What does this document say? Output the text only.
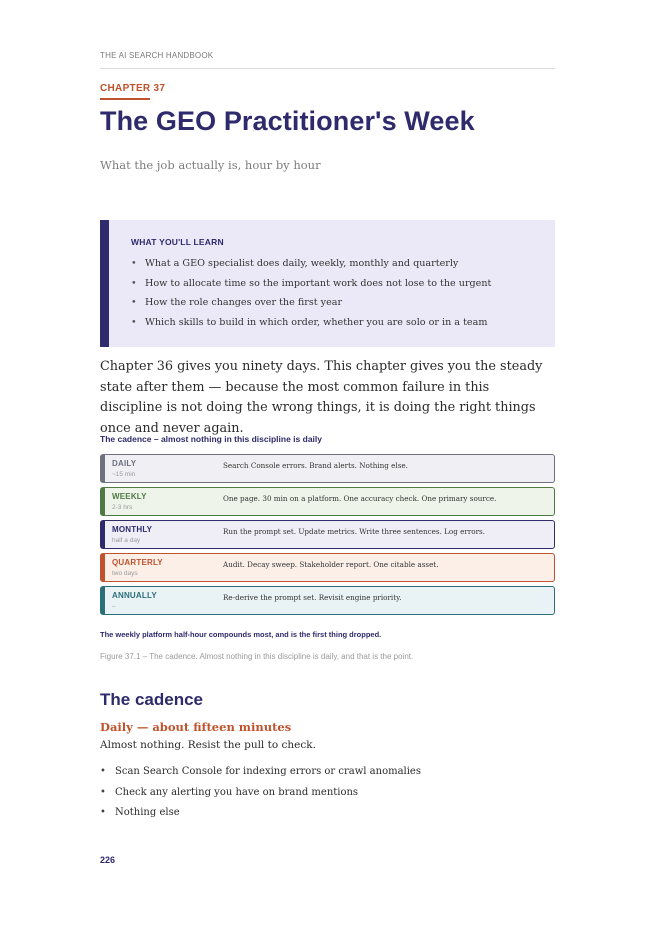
THE AI SEARCH HANDBOOK
CHAPTER 37
The GEO Practitioner's Week
What the job actually is, hour by hour
WHAT YOU'LL LEARN
• What a GEO specialist does daily, weekly, monthly and quarterly
• How to allocate time so the important work does not lose to the urgent
• How the role changes over the first year
• Which skills to build in which order, whether you are solo or in a team
Chapter 36 gives you ninety days. This chapter gives you the steady state after them — because the most common failure in this discipline is not doing the wrong things, it is doing the right things once and never again.
The cadence – almost nothing in this discipline is daily
DAILY
~15 min
Search Console errors. Brand alerts. Nothing else.
WEEKLY
2-3 hrs
One page. 30 min on a platform. One accuracy check. One primary source.
MONTHLY
half a day
Run the prompt set. Update metrics. Write three sentences. Log errors.
QUARTERLY
two days
Audit. Decay sweep. Stakeholder report. One citable asset.
ANNUALLY
–
Re-derive the prompt set. Revisit engine priority.
The weekly platform half-hour compounds most, and is the first thing dropped.
Figure 37.1 – The cadence. Almost nothing in this discipline is daily, and that is the point.
The cadence
Daily — about fifteen minutes
Almost nothing. Resist the pull to check.
• Scan Search Console for indexing errors or crawl anomalies
• Check any alerting you have on brand mentions
• Nothing else
226
